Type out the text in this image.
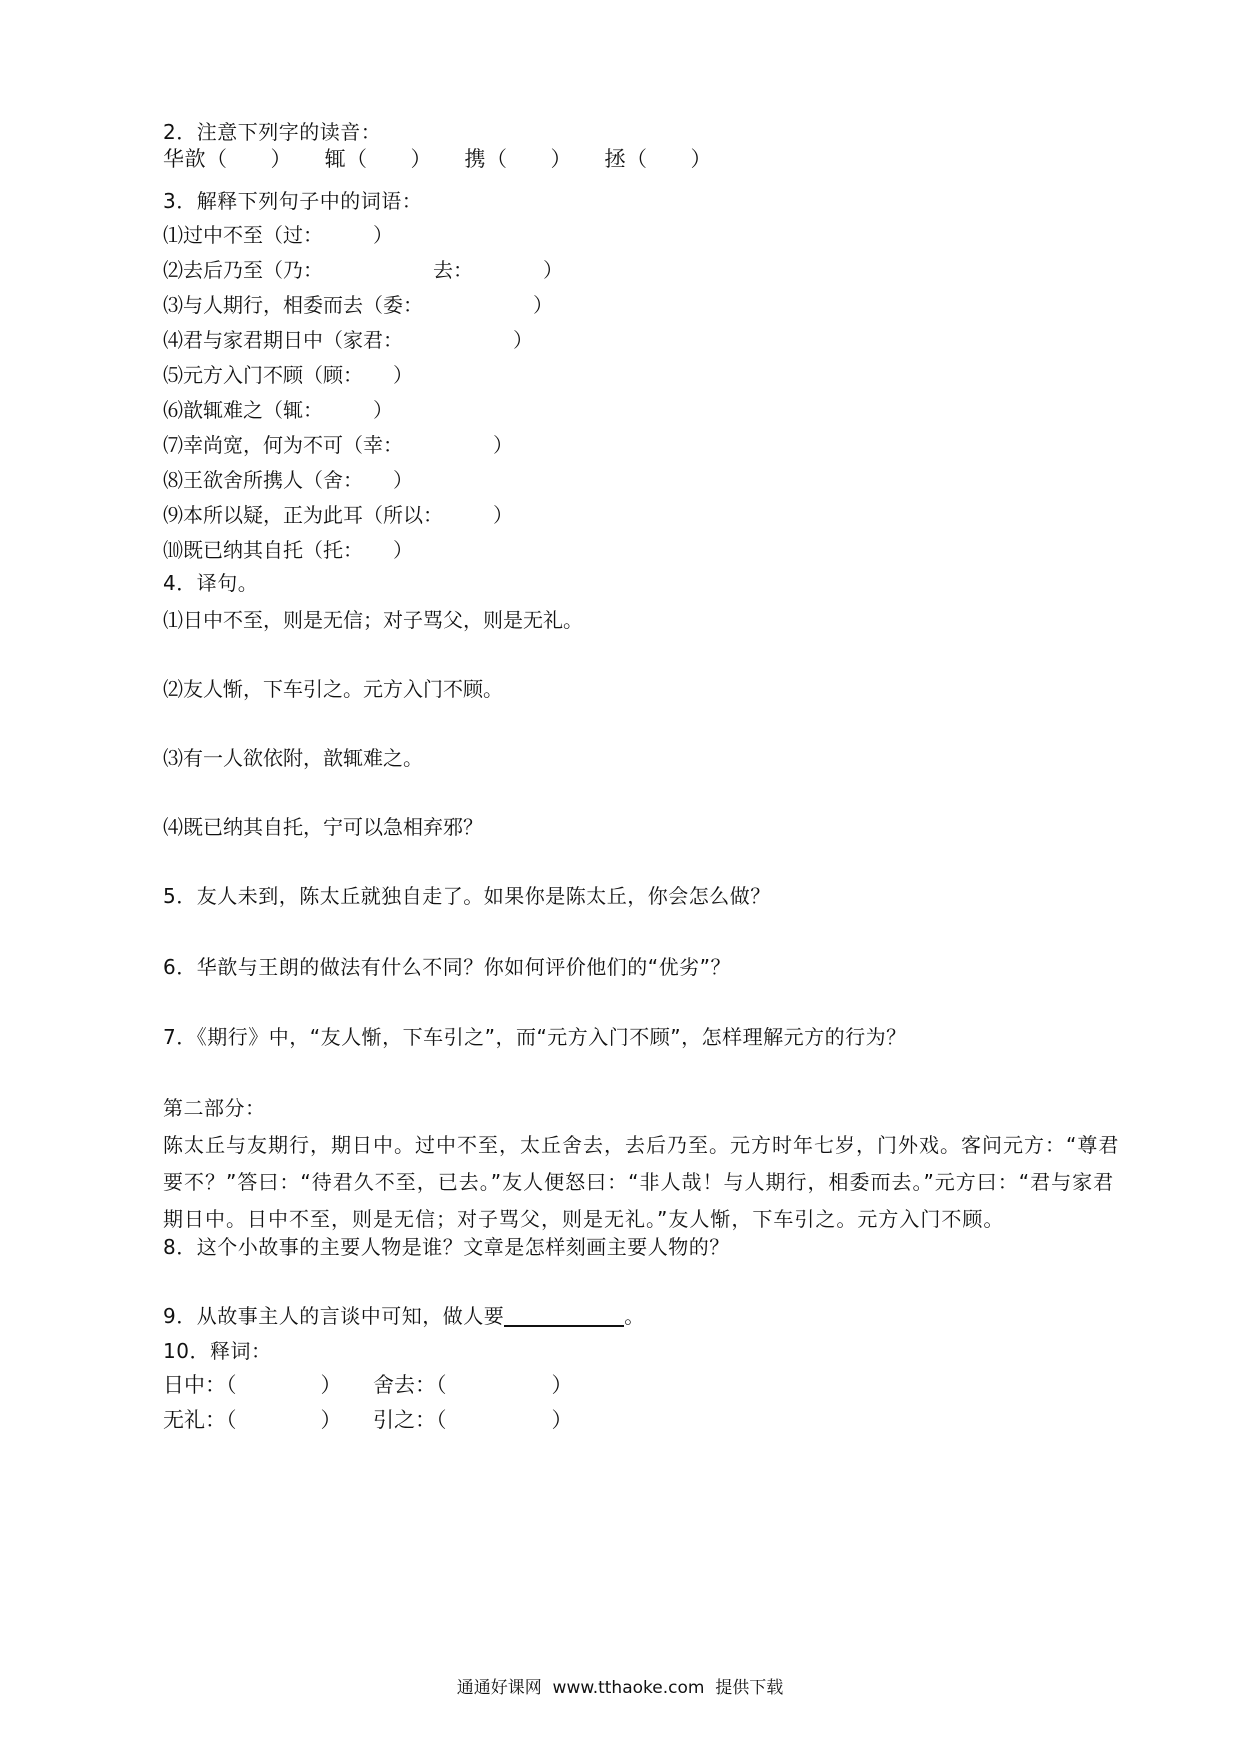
2．注意下列字的读音：
华歆（　　）　　辄（　　）　　携（　　）　　拯（　　）
3．解释下列句子中的词语：
⑴过中不至（过：　　　）
⑵去后乃至（乃：　　　　　　去：　　　　）
⑶与人期行，相委而去（委：　　　　　　）
⑷君与家君期日中（家君：　　　　　　）
⑸元方入门不顾（顾：　　）
⑹歆辄难之（辄：　　　）
⑺幸尚宽，何为不可（幸：　　　　　）
⑻王欲舍所携人（舍：　　）
⑼本所以疑，正为此耳（所以：　　　）
⑽既已纳其自托（托：　　）
4．译句。
⑴日中不至，则是无信；对子骂父，则是无礼。
⑵友人惭，下车引之。元方入门不顾。
⑶有一人欲依附，歆辄难之。
⑷既已纳其自托，宁可以急相弃邪？
5．友人未到，陈太丘就独自走了。如果你是陈太丘，你会怎么做？
6．华歆与王朗的做法有什么不同？你如何评价他们的“优劣”？
7．《期行》中，“友人惭，下车引之”，而“元方入门不顾”，怎样理解元方的行为？
第二部分：
陈太丘与友期行，期日中。过中不至，太丘舍去，去后乃至。元方时年七岁，门外戏。客问元方：“尊君要不？”答曰：“待君久不至，已去。”友人便怒曰：“非人哉！与人期行，相委而去。”元方曰：“君与家君期日中。日中不至，则是无信；对子骂父，则是无礼。”友人惭，下车引之。元方入门不顾。
8．这个小故事的主要人物是谁？文章是怎样刻画主要人物的？
9．从故事主人的言谈中可知，做人要	。
10．释词：
日中：（　　　　）　　舍去：（　　　　　）
无礼：（　　　　）　　引之：（　　　　　）
通通好课网  www.tthaoke.com  提供下载
